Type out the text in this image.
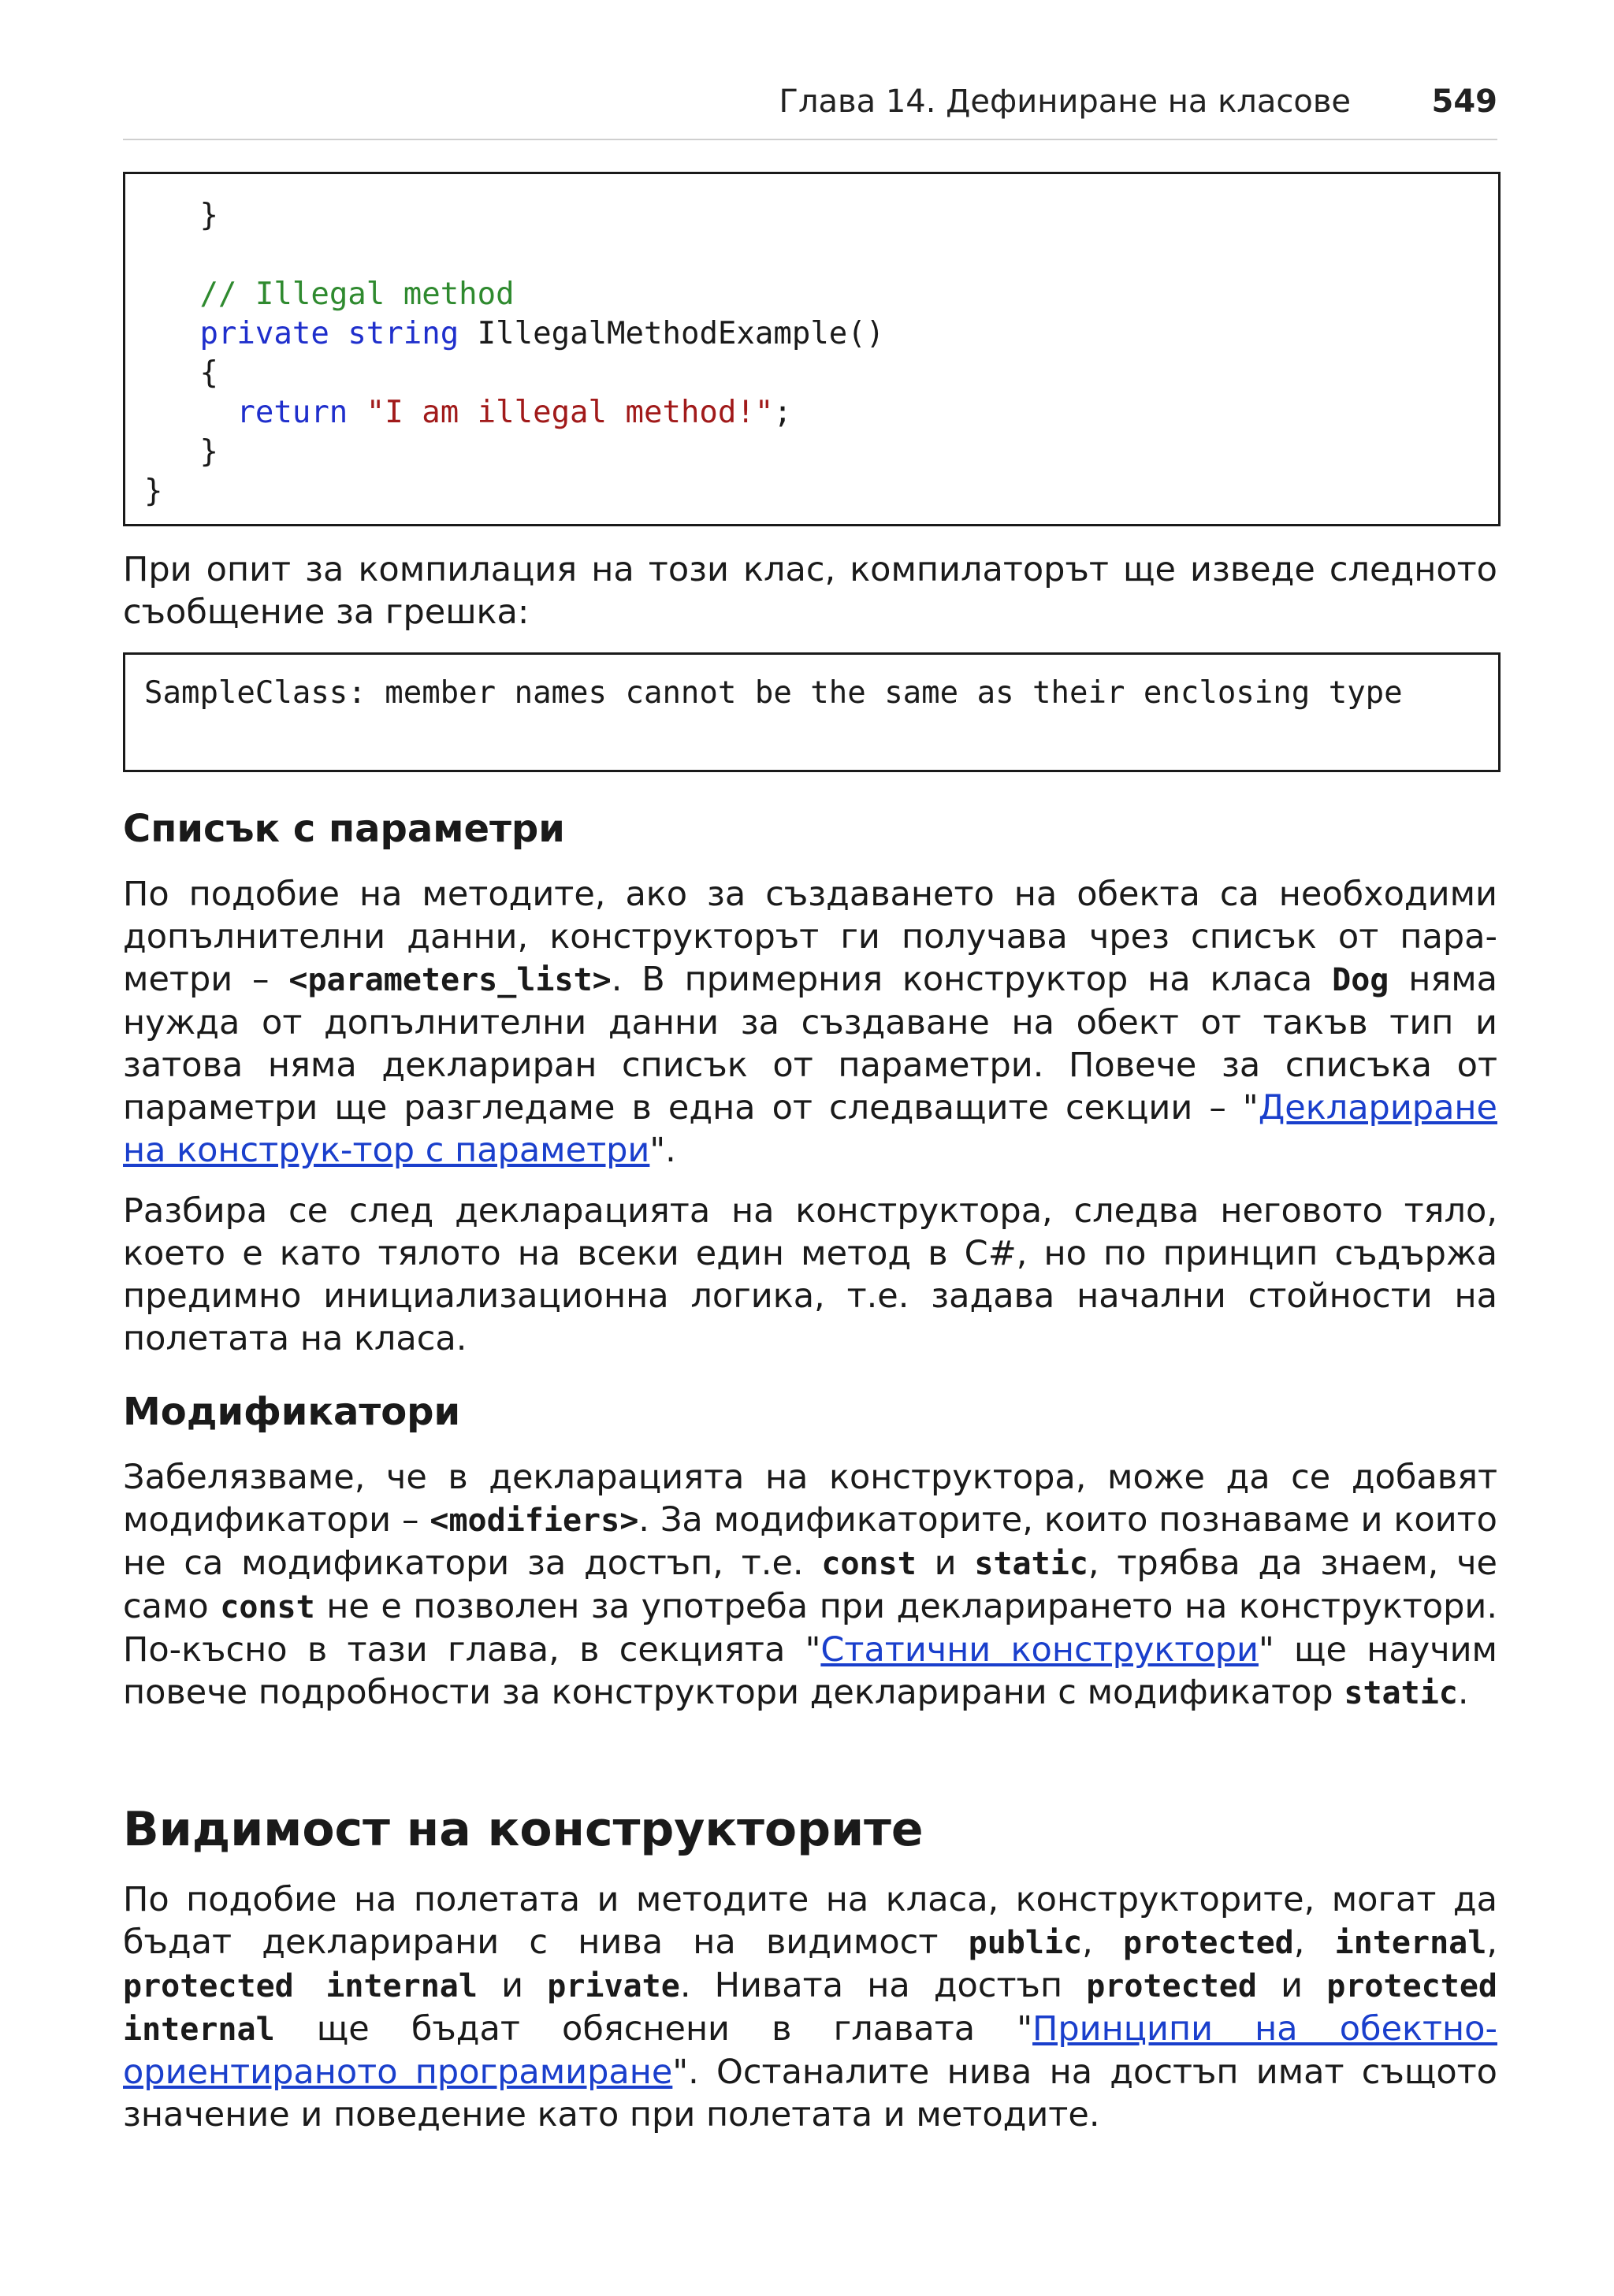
Глава 14. Дефиниране на класове	549
}

// Illegal method
private string IllegalMethodExample()
{
return "I am illegal method!";
}
}
При опит за компилация на този клас, компилаторът ще изведе следното съобщение за грешка:
SampleClass: member names cannot be the same as their enclosing type
Списък с параметри
По подобие на методите, ако за създаването на обекта са необходими допълнителни данни, конструкторът ги получава чрез списък от пара-метри – <parameters_list>. В примерния конструктор на класа Dog няма нужда от допълнителни данни за създаване на обект от такъв тип и затова няма деклариран списък от параметри. Повече за списъка от параметри ще разгледаме в една от следващите секции – "Деклариране на конструк-тор с параметри".
Разбира се след декларацията на конструктора, следва неговото тяло, което е като тялото на всеки един метод в C#, но по принцип съдържа предимно инициализационна логика, т.е. задава начални стойности на полетата на класа.
Модификатори
Забелязваме, че в декларацията на конструктора, може да се добавят модификатори – <modifiers>. За модификаторите, които познаваме и които не са модификатори за достъп, т.е. const и static, трябва да знаем, че само const не е позволен за употреба при декларирането на конструктори. По-късно в тази глава, в секцията "Статични конструктори" ще научим повече подробности за конструктори декларирани с модификатор static.
Видимост на конструкторите
По подобие на полетата и методите на класа, конструкторите, могат да бъдат декларирани с нива на видимост public, protected, internal, protected internal и private. Нивата на достъп protected и protected internal ще бъдат обяснени в главата "Принципи на обектно-ориентираното програмиране". Останалите нива на достъп имат същото значение и поведение като при полетата и методите.
